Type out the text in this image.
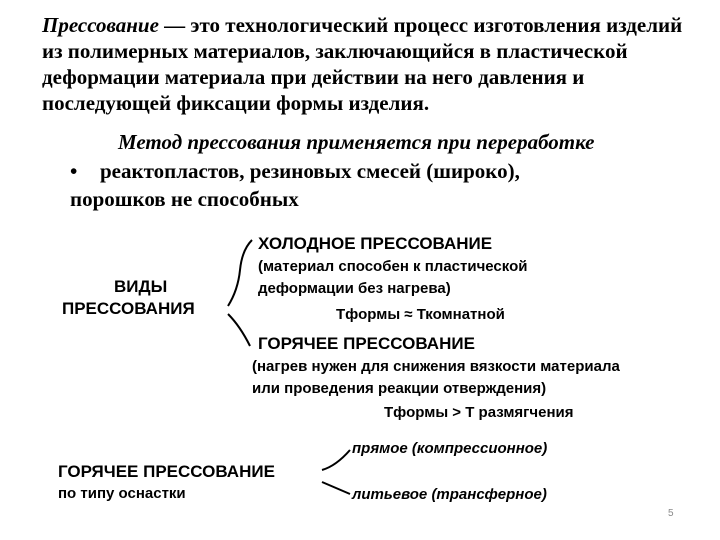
Прессование — это технологический процесс изготовления изделий из полимерных материалов, заключающийся в пластической деформации материала при действии на него давления и последующей фиксации формы изделия.
Метод прессования применяется при переработке
• реактопластов, резиновых смесей (широко),
порошков не способных
ВИДЫ
ПРЕССОВАНИЯ
ХОЛОДНОЕ ПРЕССОВАНИЕ
(материал способен к пластической
деформации без нагрева)
Тформы ≈ Ткомнатной
ГОРЯЧЕЕ ПРЕССОВАНИЕ
(нагрев нужен для снижения вязкости материала
или проведения реакции отверждения)
Тформы > Т размягчения
ГОРЯЧЕЕ ПРЕССОВАНИЕ
по типу оснастки
прямое (компрессионное)
литьевое (трансферное)
5
